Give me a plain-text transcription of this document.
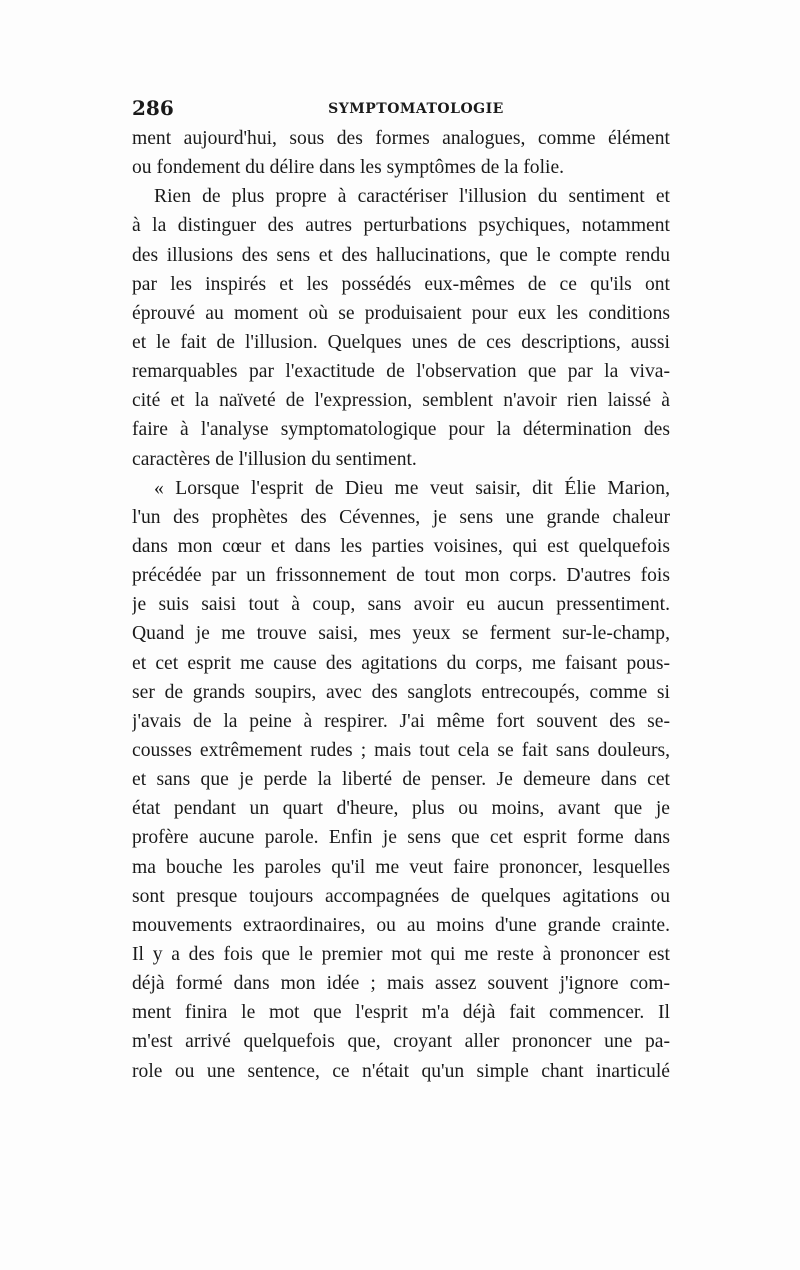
286	SYMPTOMATOLOGIE
ment aujourd'hui, sous des formes analogues, comme élément
ou fondement du délire dans les symptômes de la folie.
Rien de plus propre à caractériser l'illusion du sentiment et
à la distinguer des autres perturbations psychiques, notamment
des illusions des sens et des hallucinations, que le compte rendu
par les inspirés et les possédés eux-mêmes de ce qu'ils ont
éprouvé au moment où se produisaient pour eux les conditions
et le fait de l'illusion. Quelques unes de ces descriptions, aussi
remarquables par l'exactitude de l'observation que par la viva-
cité et la naïveté de l'expression, semblent n'avoir rien laissé à
faire à l'analyse symptomatologique pour la détermination des
caractères de l'illusion du sentiment.
« Lorsque l'esprit de Dieu me veut saisir, dit Élie Marion,
l'un des prophètes des Cévennes, je sens une grande chaleur
dans mon cœur et dans les parties voisines, qui est quelquefois
précédée par un frissonnement de tout mon corps. D'autres fois
je suis saisi tout à coup, sans avoir eu aucun pressentiment.
Quand je me trouve saisi, mes yeux se ferment sur-le-champ,
et cet esprit me cause des agitations du corps, me faisant pous-
ser de grands soupirs, avec des sanglots entrecoupés, comme si
j'avais de la peine à respirer. J'ai même fort souvent des se-
cousses extrêmement rudes ; mais tout cela se fait sans douleurs,
et sans que je perde la liberté de penser. Je demeure dans cet
état pendant un quart d'heure, plus ou moins, avant que je
profère aucune parole. Enfin je sens que cet esprit forme dans
ma bouche les paroles qu'il me veut faire prononcer, lesquelles
sont presque toujours accompagnées de quelques agitations ou
mouvements extraordinaires, ou au moins d'une grande crainte.
Il y a des fois que le premier mot qui me reste à prononcer est
déjà formé dans mon idée ; mais assez souvent j'ignore com-
ment finira le mot que l'esprit m'a déjà fait commencer. Il
m'est arrivé quelquefois que, croyant aller prononcer une pa-
role ou une sentence, ce n'était qu'un simple chant inarticulé
